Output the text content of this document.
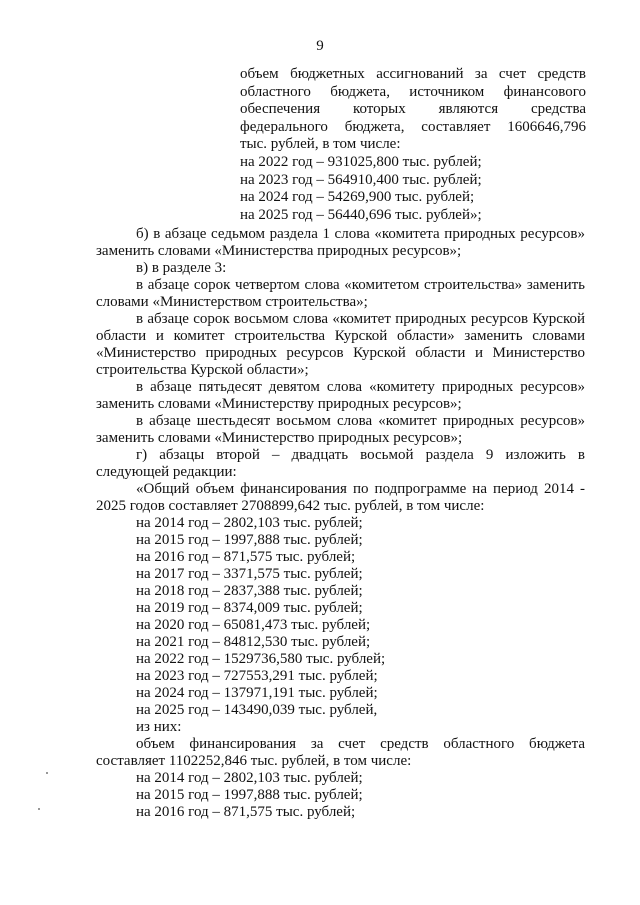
9
объем бюджетных ассигнований за счет средств
областного бюджета, источником финансового
обеспечения которых являются средства
федерального бюджета, составляет 1606646,796
тыс. рублей, в том числе:
на 2022 год – 931025,800 тыс. рублей;
на 2023 год – 564910,400 тыс. рублей;
на 2024 год – 54269,900 тыс. рублей;
на 2025 год – 56440,696 тыс. рублей»;
б) в абзаце седьмом раздела 1 слова «комитета природных ресурсов»
заменить словами «Министерства природных ресурсов»;
в) в разделе 3:
в абзаце сорок четвертом слова «комитетом строительства» заменить
словами «Министерством строительства»;
в абзаце сорок восьмом слова «комитет природных ресурсов Курской
области и комитет строительства Курской области» заменить словами
«Министерство природных ресурсов Курской области и Министерство
строительства Курской области»;
в абзаце пятьдесят девятом слова «комитету природных ресурсов»
заменить словами «Министерству природных ресурсов»;
в абзаце шестьдесят восьмом слова «комитет природных ресурсов»
заменить словами «Министерство природных ресурсов»;
г) абзацы второй – двадцать восьмой раздела 9 изложить в
следующей редакции:
«Общий объем финансирования по подпрограмме на период 2014 -
2025 годов составляет 2708899,642 тыс. рублей, в том числе:
на 2014 год – 2802,103 тыс. рублей;
на 2015 год – 1997,888 тыс. рублей;
на 2016 год – 871,575 тыс. рублей;
на 2017 год – 3371,575 тыс. рублей;
на 2018 год – 2837,388 тыс. рублей;
на 2019 год – 8374,009 тыс. рублей;
на 2020 год – 65081,473 тыс. рублей;
на 2021 год – 84812,530 тыс. рублей;
на 2022 год – 1529736,580 тыс. рублей;
на 2023 год – 727553,291 тыс. рублей;
на 2024 год – 137971,191 тыс. рублей;
на 2025 год – 143490,039 тыс. рублей,
из них:
объем финансирования за счет средств областного бюджета
составляет 1102252,846 тыс. рублей, в том числе:
на 2014 год – 2802,103 тыс. рублей;
на 2015 год – 1997,888 тыс. рублей;
на 2016 год – 871,575 тыс. рублей;
